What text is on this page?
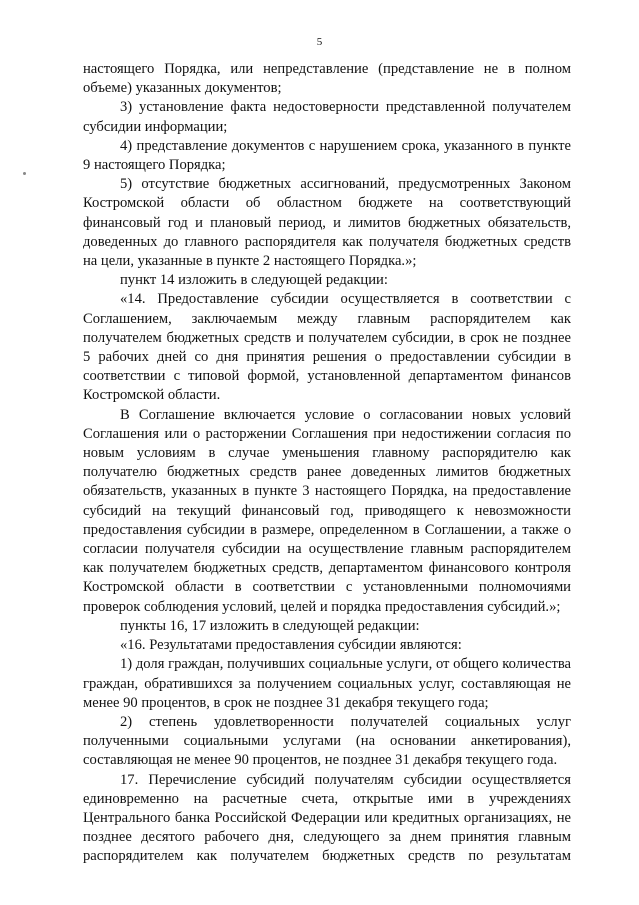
5

настоящего Порядка, или непредставление (представление не в полном объеме) указанных документов;

3) установление факта недостоверности представленной получателем субсидии информации;

4) представление документов с нарушением срока, указанного в пункте 9 настоящего Порядка;

5) отсутствие бюджетных ассигнований, предусмотренных Законом Костромской области об областном бюджете на соответствующий финансовый год и плановый период, и лимитов бюджетных обязательств, доведенных до главного распорядителя как получателя бюджетных средств на цели, указанные в пункте 2 настоящего Порядка.»;

пункт 14 изложить в следующей редакции:

«14. Предоставление субсидии осуществляется в соответствии с Соглашением, заключаемым между главным распорядителем как получателем бюджетных средств и получателем субсидии, в срок не позднее 5 рабочих дней со дня принятия решения о предоставлении субсидии в соответствии с типовой формой, установленной департаментом финансов Костромской области.

В Соглашение включается условие о согласовании новых условий Соглашения или о расторжении Соглашения при недостижении согласия по новым условиям в случае уменьшения главному распорядителю как получателю бюджетных средств ранее доведенных лимитов бюджетных обязательств, указанных в пункте 3 настоящего Порядка, на предоставление субсидий на текущий финансовый год, приводящего к невозможности предоставления субсидии в размере, определенном в Соглашении, а также о согласии получателя субсидии на осуществление главным распорядителем как получателем бюджетных средств, департаментом финансового контроля Костромской области в соответствии с установленными полномочиями проверок соблюдения условий, целей и порядка предоставления субсидий.»;

пункты 16, 17 изложить в следующей редакции:

«16. Результатами предоставления субсидии являются:

1) доля граждан, получивших социальные услуги, от общего количества граждан, обратившихся за получением социальных услуг, составляющая не менее 90 процентов, в срок не позднее 31 декабря текущего года;

2) степень удовлетворенности получателей социальных услуг полученными социальными услугами (на основании анкетирования), составляющая не менее 90 процентов, не позднее 31 декабря текущего года.

17. Перечисление субсидий получателям субсидии осуществляется единовременно на расчетные счета, открытые ими в учреждениях Центрального банка Российской Федерации или кредитных организациях, не позднее десятого рабочего дня, следующего за днем принятия главным распорядителем как получателем бюджетных средств по результатам
